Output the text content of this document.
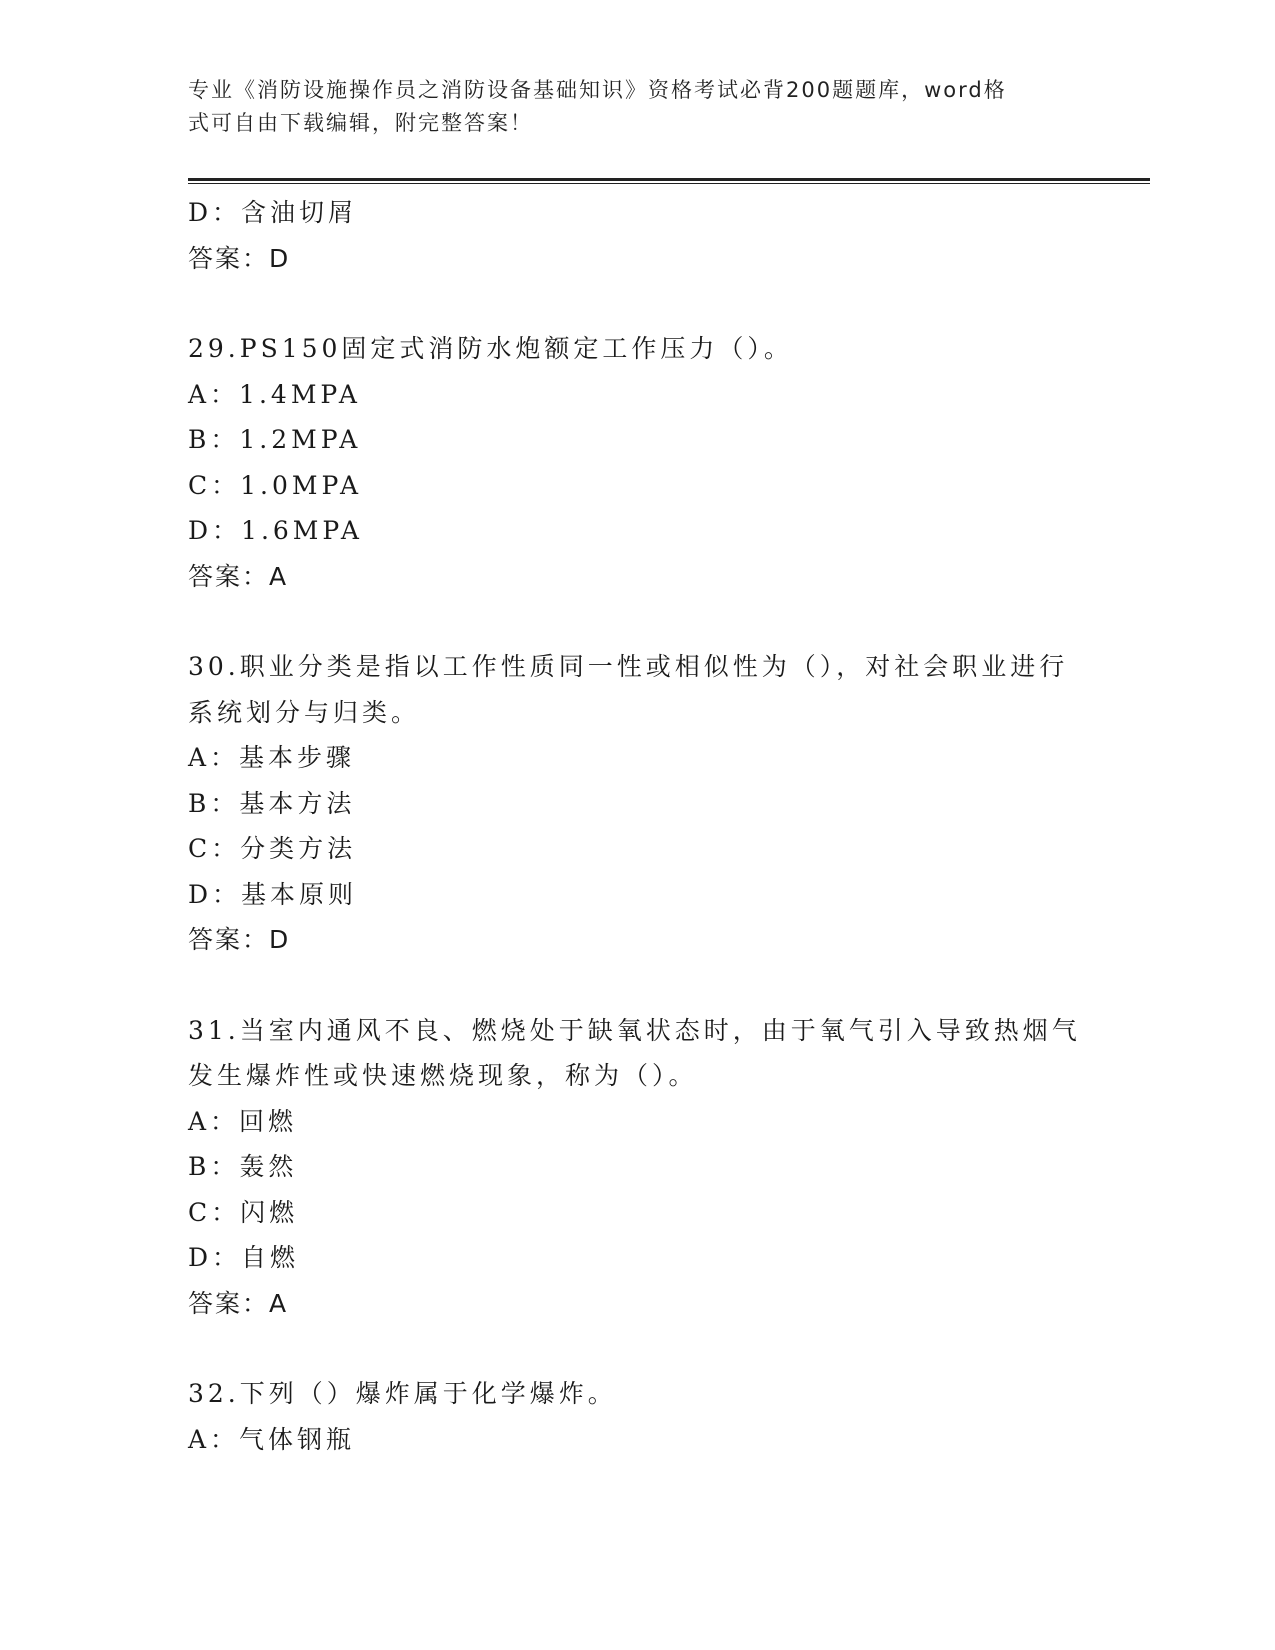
专业《消防设施操作员之消防设备基础知识》资格考试必背200题题库，word格
式可自由下载编辑，附完整答案！
D：含油切屑
答案：D
29.PS150固定式消防水炮额定工作压力（）。
A：1.4MPA
B：1.2MPA
C：1.0MPA
D：1.6MPA
答案：A
30.职业分类是指以工作性质同一性或相似性为（），对社会职业进行
系统划分与归类。
A：基本步骤
B：基本方法
C：分类方法
D：基本原则
答案：D
31.当室内通风不良、燃烧处于缺氧状态时，由于氧气引入导致热烟气
发生爆炸性或快速燃烧现象，称为（）。
A：回燃
B：轰然
C：闪燃
D：自燃
答案：A
32.下列（）爆炸属于化学爆炸。
A：气体钢瓶
